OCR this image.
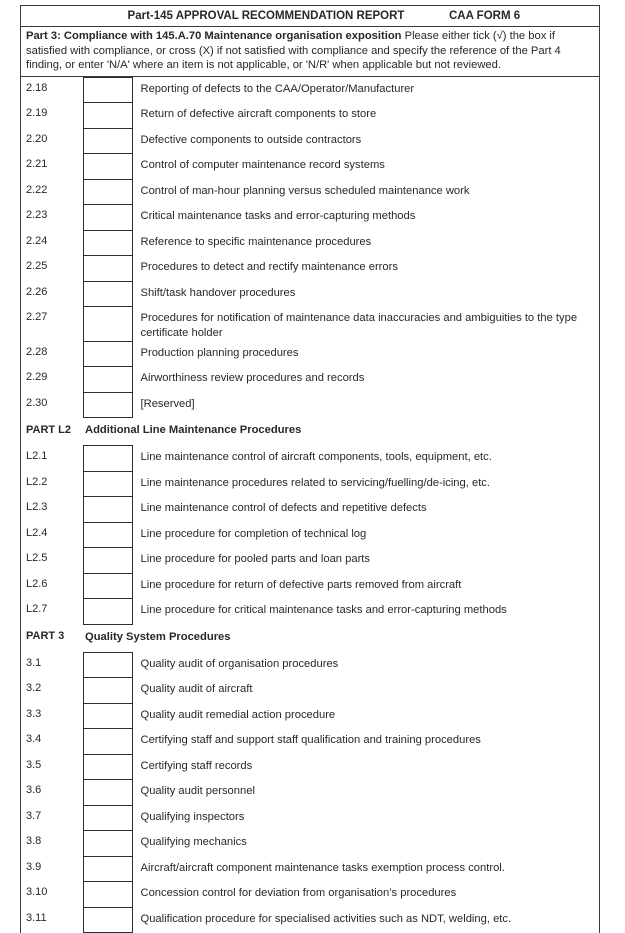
Part-145 APPROVAL RECOMMENDATION REPORT	CAA FORM 6
Part 3: Compliance with 145.A.70 Maintenance organisation exposition Please either tick (√) the box if satisfied with compliance, or cross (X) if not satisfied with compliance and specify the reference of the Part 4 finding, or enter 'N/A' where an item is not applicable, or 'N/R' when applicable but not reviewed.
2.18		Reporting of defects to the CAA/Operator/Manufacturer
2.19		Return of defective aircraft components to store
2.20		Defective components to outside contractors
2.21		Control of computer maintenance record systems
2.22		Control of man-hour planning versus scheduled maintenance work
2.23		Critical maintenance tasks and error-capturing methods
2.24		Reference to specific maintenance procedures
2.25		Procedures to detect and rectify maintenance errors
2.26		Shift/task handover procedures
2.27		Procedures for notification of maintenance data inaccuracies and ambiguities to the type certificate holder
2.28		Production planning procedures
2.29		Airworthiness review procedures and records
2.30		[Reserved]
PART L2	Additional Line Maintenance Procedures	
L2.1		Line maintenance control of aircraft components, tools, equipment, etc.
L2.2		Line maintenance procedures related to servicing/fuelling/de-icing, etc.
L2.3		Line maintenance control of defects and repetitive defects
L2.4		Line procedure for completion of technical log
L2.5		Line procedure for pooled parts and loan parts
L2.6		Line procedure for return of defective parts removed from aircraft
L2.7		Line procedure for critical maintenance tasks and error-capturing methods
PART 3	Quality System Procedures	
3.1		Quality audit of organisation procedures
3.2		Quality audit of aircraft
3.3		Quality audit remedial action procedure
3.4		Certifying staff and support staff qualification and training procedures
3.5		Certifying staff records
3.6		Quality audit personnel
3.7		Qualifying inspectors
3.8		Qualifying mechanics
3.9		Aircraft/aircraft component maintenance tasks exemption process control.
3.10		Concession control for deviation from organisation’s procedures
3.11		Qualification procedure for specialised activities such as NDT, welding, etc.
